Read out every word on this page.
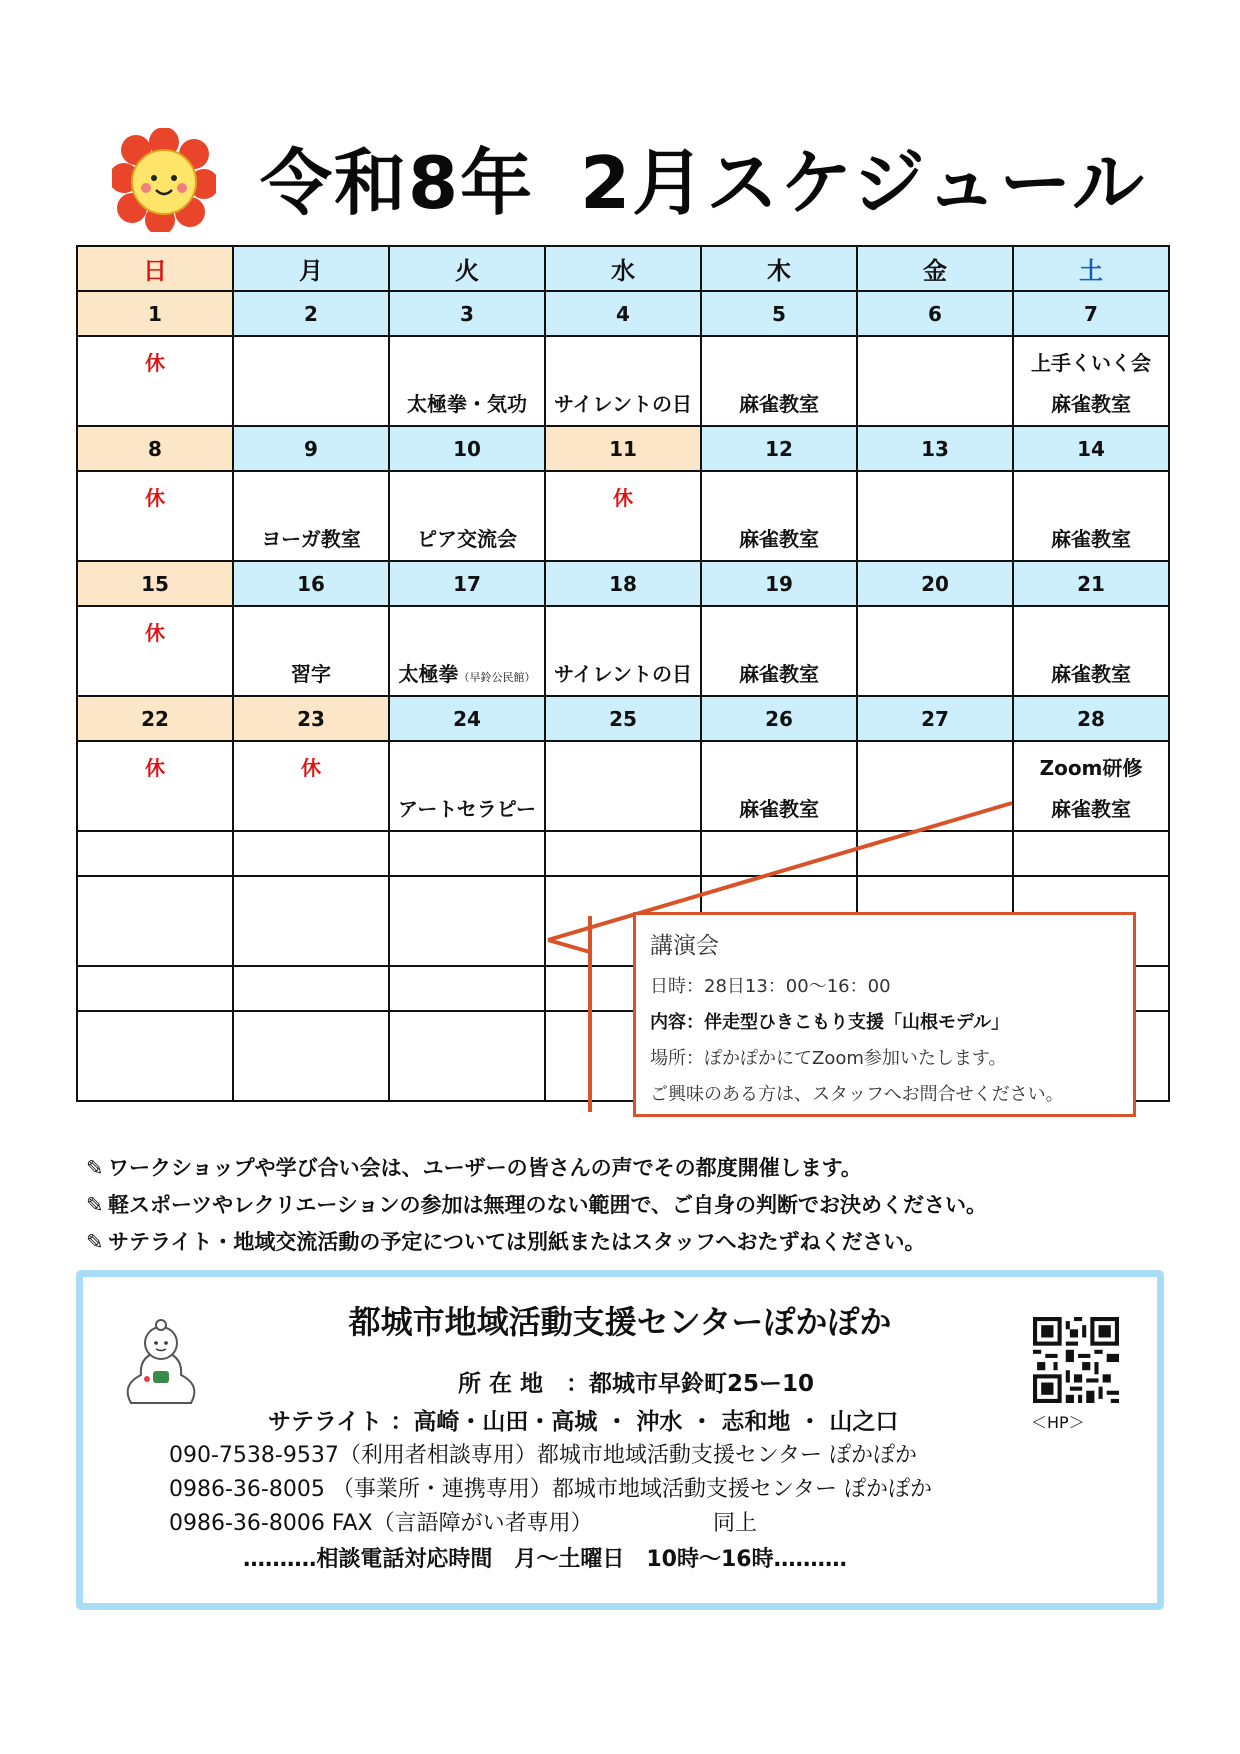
令和8年 2月スケジュール
日	月	火	水	木	金	土
1	2	3	4	5	6	7

休		太極拳・気功	サイレントの日	麻雀教室		上手くいく会
麻雀教室

8	9	10	11	12	13	14

休	ヨーガ教室	ピア交流会	休	麻雀教室		麻雀教室

15	16	17	18	19	20	21

休	習字	太極拳（早鈴公民館）	サイレントの日	麻雀教室		麻雀教室

22	23	24	25	26	27	28

休	休	アートセラピー		麻雀教室		Zoom研修
麻雀教室

講演会
日時：28日13：00〜16：00
内容：伴走型ひきこもり支援「山根モデル」
場所：ぽかぽかにてZoom参加いたします。
ご興味のある方は、スタッフへお問合せください。
✎ ワークショップや学び合い会は、ユーザーの皆さんの声でその都度開催します。
✎ 軽スポーツやレクリエーションの参加は無理のない範囲で、ご自身の判断でお決めください。
✎ サテライト・地域交流活動の予定については別紙またはスタッフへおたずねください。
都城市地域活動支援センターぽかぽか
所 在 地　：都城市早鈴町25ー10
サテライト ：高崎・山田・高城 ・ 沖水 ・ 志和地 ・ 山之口
090-7538-9537（利用者相談専用）都城市地域活動支援センター ぽかぽか
0986-36-8005 （事業所・連携専用）都城市地域活動支援センター ぽかぽか
0986-36-8006 FAX（言語障がい者専用）	同上
‥‥‥‥‥相談電話対応時間　月〜土曜日　10時〜16時‥‥‥‥‥
＜HP＞
